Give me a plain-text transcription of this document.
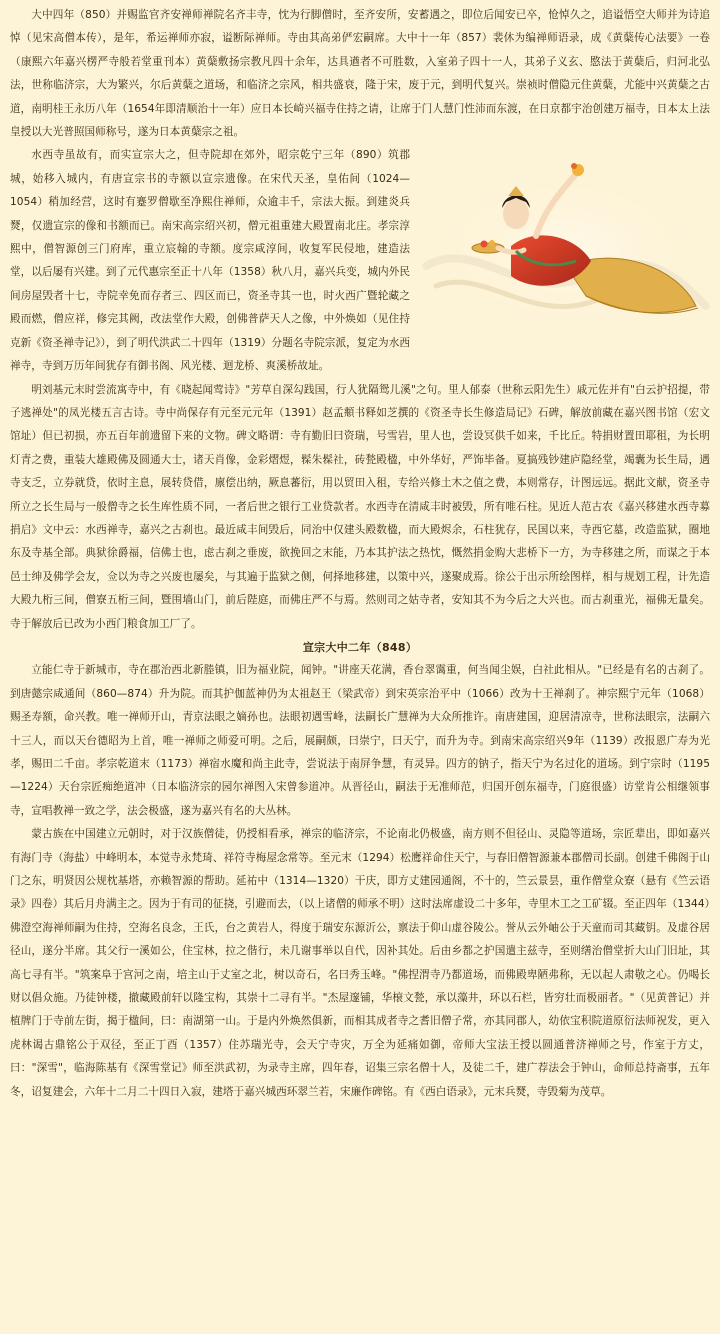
大中四年（850）并赐监官齐安禅师禅院名齐丰寺，忱为行脚僧时，至齐安所，安蓄遇之，即位后闻安已卒，怆悼久之，追谥悟空大师并为诗追悼（见宋高僧本传），是年，希运禅师亦寂，谥断际禅师。寺由其高弟俨宏嗣席。大中十一年（857）裴休为编禅师语录，成《黄蘖传心法要》一卷（康熙六年嘉兴楞严寺般若堂重刊本）黄蘖敷扬宗教凡四十余年，达具遒者不可胜数，入室弟子四十一人，其弟子义玄、愍法于黄蘖后，归河北弘法，世称临济宗，大为繁兴，尔后黄蘖之道场，和临济之宗风，相共盛衰，隆于宋，废于元，到明代复兴。崇祯时僧隐元住黄蘖，尤能中兴黄蘖之古道，南明桂王永历八年（1654年即清顺治十一年）应日本长崎兴福寺住持之请，让席于门人慧门性沛而东渡，在日京都宇治创建万福寺，日本太上法皇授以大光普照国师称号，遂为日本黄蘖宗之祖。

水西寺虽故有，而实宣宗大之，但寺院却在郊外，昭宗乾宁三年（890）筑郡城，始移入城内，有唐宣宗书的寺额以宣宗遗像。在宋代天圣，皇佑间（1024—1054）稍加经营，这时有蹇罗僧歇至净熙住禅师，众逾丰千，宗法大振。到建炎兵燹，仅遗宣宗的像和书额而已。南宋高宗绍兴初，僧元祖重建大殿置南北庄。孝宗淳熙中，僧智源创三门府库，重立宸翰的寺额。度宗咸淳间，收复军民侵地，建造法堂，以后屡有兴建。到了元代惠宗至正十八年（1358）秋八月，嘉兴兵变，城内外民间房屋毁者十七，寺院幸免而存者三、四区而已，资圣寺其一也，时火西广暨轮藏之殿而燃，僧应祥，修完其阙，改法堂作大殿，创佛普萨天人之像，中外焕如（见住持克新《资圣禅寺记》），到了明代洪武二十四年（1319）分题名寺院宗派，复定为水西禅寺，寺到万历年间犹存有御书阁、风光楼、迴龙桥、爽溪桥故址。

明刘基元末时尝流寓寺中，有《晓起闻莺诗》"芳草自深勾践国，行人犹隔鸳儿溪"之句。里人郁泰（世称云阳先生）戚元佐并有"白云护招提，带子逃禅处"的凤光楼五言古诗。寺中尚保存有元至元元年（1391）赵孟頫书释如芝撰的《资圣寺长生修造局记》石碑，解放前藏在嘉兴图书馆（宏文馆址）但已初损，亦五百年前遗留下来的文物。碑文略谓：寺有勤旧曰资瑞，号雪岩，里人也，尝设冥供千如来，千比丘。特捐财置田耶租，为长明灯青之费，重装大雄殿佛及圆通大士，诸天肖像，金彩熠煜，髹朱髹社，砖甃殿楹，中外华好，严饰毕备。夏搞残钞建庐隐经堂，竭囊为长生局，遇寺支乏，立券就贷，依时主息，展转贷借，廪偿出纳，厥息蕃衍，用以贸田入租，专给兴修土木之值之费，本则常存，计图远远。据此文献，资圣寺所立之长生局与一般僧寺之长生库性质不同，一者后世之银行工业贷款者。水西寺在清咸丰时被毁，所有唯石柱。见近人范古农《嘉兴移建水西寺募捐启》文中云：水西禅寺，嘉兴之古刹也。最近咸丰间毁后，同治中仅建头殿数楹，而大殿烬余，石柱犹存，民国以来，寺西它墓，改造监狱，圈地东及寺基全部。典狱徐爵福，信佛士也，虑古刹之垂废，欲挽回之末能，乃本其护法之热忱，慨然捐金购大悲桥下一方，为寺移建之所，而谋之于本邑士绅及佛学会友，佥以为寺之兴废也屡矣，与其遍于监狱之侧，何择地移建，以策中兴，遂聚成焉。徐公于出示所绘图样，相与规划工程，计先造大殿九桁三间，僧寮五桁三间，暨围墙山门，前后陛庭，而佛庄严不与焉。然则司之姑寺者，安知其不为今后之大兴也。而古刹重光，福佛无量矣。寺于解放后已改为小西门粮食加工厂了。

宣宗大中二年（848）

立能仁寺于新城市，寺在郡治西北新塍镇，旧为福业院，闻钟。"讲座天花满，香台翠霭重，何当闻尘娱，白社此相从。"已经是有名的古刹了。到唐懿宗咸通间（860—874）升为院。而其护伽蓝神仍为太祖赵王（梁武帝）到宋英宗治平中（1066）改为十王禅刹了。神宗熙宁元年（1068）赐圣寿额，命兴教。唯一禅师开山，青京法眼之嫡孙也。法眼初遇雪峰，法嗣长广慧禅为大众所推许。南唐建国，迎居清凉寺，世称法眼宗，法嗣六十三人，而以天台德昭为上首，唯一禅师之师爱可明。之后，展嗣颇，曰崇宁，曰天宁，而升为寺。到南宋高宗绍兴9年（1139）改报恩广寿为光孝，赐田二千亩。孝宗乾道末（1173）禅宿水魔和尚主此寺，尝说法于南屏争慧，有灵异。四方的钠子，指天宁为名过化的道场。到宁宗时（1195—1224）天台宗匠痴绝道冲（日本临济宗的园尔禅图入宋曾参道冲。从晋径山，嗣法于无准师范，归国开创东福寺，门庭很盛）访堂肯公相继领事寺，宣唱教禅一致之学，法会极盛，遂为嘉兴有名的大丛林。

蒙古族在中国建立元朝时，对于汉族僧徒，仍授相看承，禅宗的临济宗，不论南北仍极盛，南方则不但径山、灵隐等道场，宗匠辈出，即如嘉兴有海门寺（海盐）中峰明本，本觉寺永梵琦、祥符寺梅屋念常等。至元末（1294）松鹰祥命住天宁，与春旧僧智源兼本郡僧司长副。创建千佛阁于山门之东，明贤因公规枕基塔，亦赖智源的帮助。延祐中（1314—1320）干庆，即方丈建园通阁，不十的，竺云景昙，重作僧堂众寮（悬有《竺云语录》四卷）其后月舟满主之。因为于有司的征挠，引避而去，（以上诸僧的师承不明）这时法席虚设二十多年，寺里木工之工矿辍。至正四年（1344）佛澄空海禅师嗣为住持，空海名良念，王氏，台之黄岩人，得度于瑞安东源沂公，禀法于仰山虚谷陵公。誉从云外岫公于天童而司其藏钥。及虚谷居径山，遂分半席。其父行一溪如公，住宝林，拉之偕行，未几谢事举以自代，因补其处。后由乡都之护国遣主兹寺，至则缮治僧堂折大山门旧址，其高七寻有半。"筑案阜于宫河之南，培主山于丈室之北，树以奇石，名曰秀玉峰。"佛捏渭寺乃都道场，而佛殿卑陋弗称，无以起人肃敬之心。仍喝长财以倡众施。乃徒钟楼，撤藏殿前轩以隆宝构，其崇十二寻有半。"杰屋邃铺，华榱文甃，承以藻井，环以石栏，皆穷壮而极丽者。"（见黄普记）并植牌门于寺前左街，揭于楹间，曰：南湖第一山。于是内外焕然俱新，而相其成者寺之耆旧僧子常，亦其同郡人，幼依宝积院道原衍法师祝发，更入虎林谒古鼎铭公于双径，至正丁酉（1357）住苏瑞光寺，会天宁寺灾，万全为延痛如御，帝师大宝法王授以圆通普济禅师之号，作室于方丈，曰："深雪"，临海陈基有《深雪堂记》师至洪武初，为录寺主席，四年春，诏集三宗名僧十人，及徒二千，建广荐法会于钟山，命师总持斋事，五年冬，诏复建会，六年十二月二十四日入寂，建塔于嘉兴城西环翠兰若，宋廉作碑铭。有《西白语录》，元末兵燹，寺毁菊为茂草。
